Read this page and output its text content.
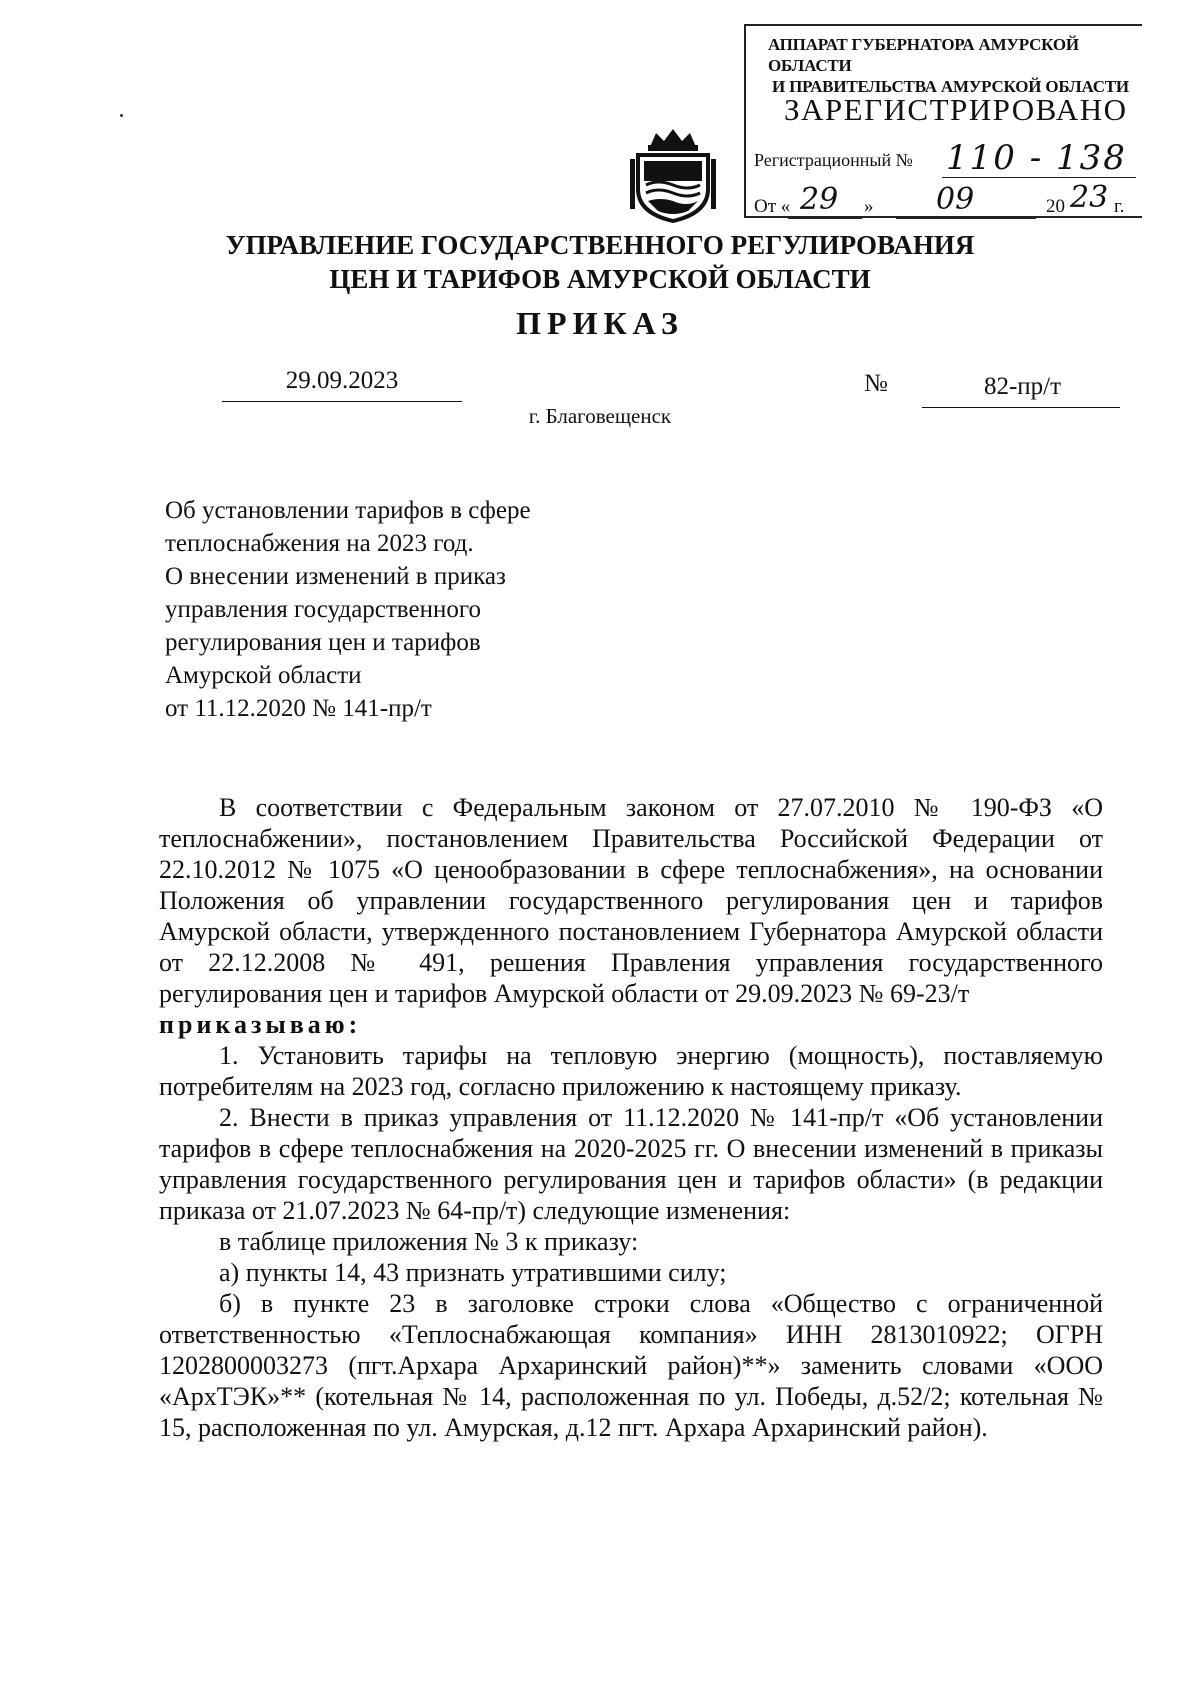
АППАРАТ ГУБЕРНАТОРА АМУРСКОЙ ОБЛАСТИ
И ПРАВИТЕЛЬСТВА АМУРСКОЙ ОБЛАСТИ
ЗАРЕГИСТРИРОВАНО
Регистрационный № 110 - 138
От « 29 » 09	20 23 г.
УПРАВЛЕНИЕ ГОСУДАРСТВЕННОГО РЕГУЛИРОВАНИЯ
ЦЕН И ТАРИФОВ АМУРСКОЙ ОБЛАСТИ
ПРИКАЗ
29.09.2023	№	82-пр/т
г. Благовещенск
Об установлении тарифов в сфере
теплоснабжения на 2023 год.
О внесении изменений в приказ
управления государственного
регулирования цен и тарифов
Амурской области
от 11.12.2020 № 141-пр/т

В соответствии с Федеральным законом от 27.07.2010 № 190-ФЗ «О теплоснабжении», постановлением Правительства Российской Федерации от 22.10.2012 № 1075 «О ценообразовании в сфере теплоснабжения», на основании Положения об управлении государственного регулирования цен и тарифов Амурской области, утвержденного постановлением Губернатора Амурской области от 22.12.2008 № 491, решения Правления управления государственного регулирования цен и тарифов Амурской области от 29.09.2023 № 69-23/т

приказываю:

1. Установить тарифы на тепловую энергию (мощность), поставляемую потребителям на 2023 год, согласно приложению к настоящему приказу.

2. Внести в приказ управления от 11.12.2020 № 141-пр/т «Об установлении тарифов в сфере теплоснабжения на 2020-2025 гг. О внесении изменений в приказы управления государственного регулирования цен и тарифов области» (в редакции приказа от 21.07.2023 № 64-пр/т) следующие изменения:

в таблице приложения № 3 к приказу:

а) пункты 14, 43 признать утратившими силу;

б) в пункте 23 в заголовке строки слова «Общество с ограниченной ответственностью «Теплоснабжающая компания» ИНН 2813010922; ОГРН 1202800003273 (пгт.Архара Архаринский район)**» заменить словами «ООО «АрхТЭК»** (котельная № 14, расположенная по ул. Победы, д.52/2; котельная № 15, расположенная по ул. Амурская, д.12 пгт. Архара Архаринский район).
